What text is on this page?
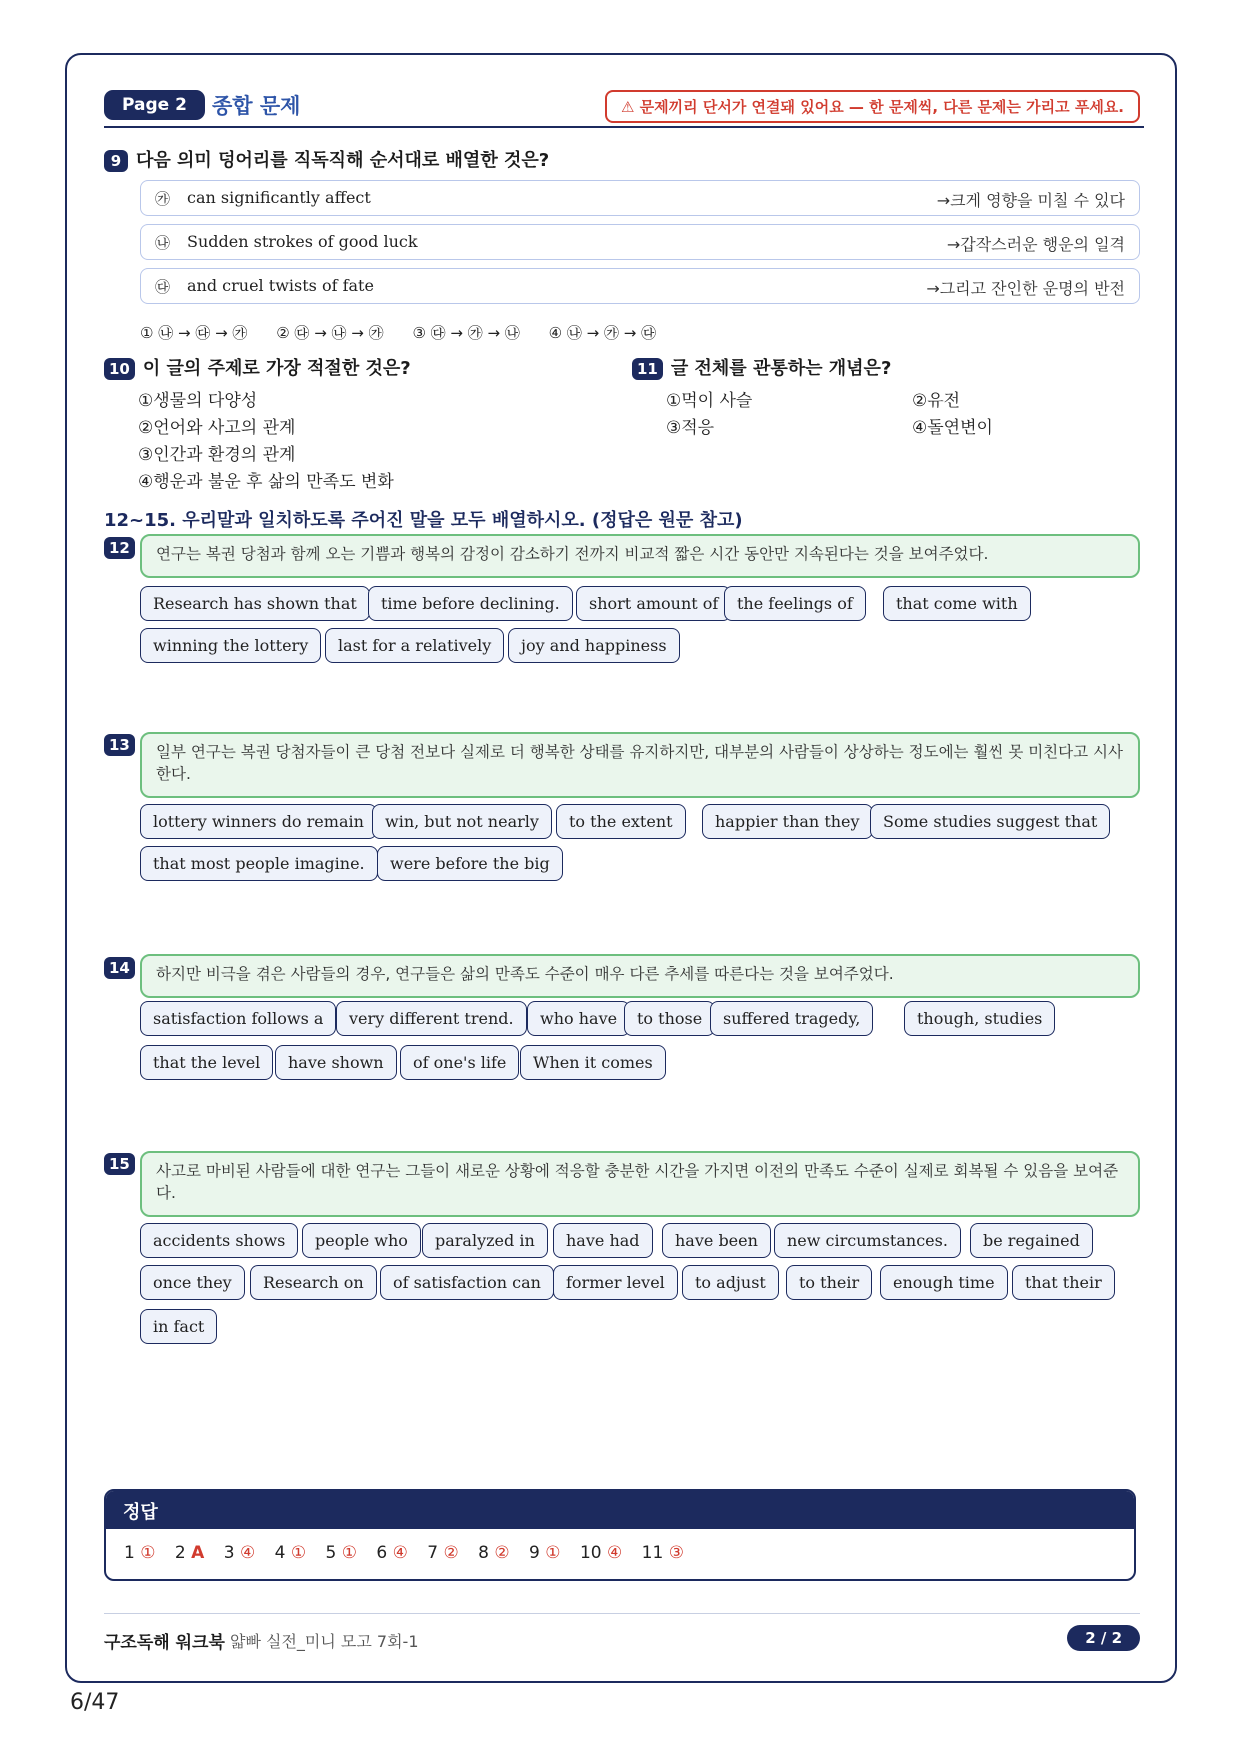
Page 2	종합 문제	⚠ 문제끼리 단서가 연결돼 있어요 — 한 문제씩, 다른 문제는 가리고 푸세요.
9 다음 의미 덩어리를 직독직해 순서대로 배열한 것은?
㉮ can significantly affect	→크게 영향을 미칠 수 있다
㉯ Sudden strokes of good luck	→갑작스러운 행운의 일격
㉰ and cruel twists of fate	→그리고 잔인한 운명의 반전
① ㉯ → ㉰ → ㉮ ② ㉰ → ㉯ → ㉮ ③ ㉰ → ㉮ → ㉯ ④ ㉯ → ㉮ → ㉰
10 이 글의 주제로 가장 적절한 것은?
①생물의 다양성
②언어와 사고의 관계
③인간과 환경의 관계
④행운과 불운 후 삶의 만족도 변화
11 글 전체를 관통하는 개념은?
①먹이 사슬	②유전
③적응	④돌연변이
12~15. 우리말과 일치하도록 주어진 말을 모두 배열하시오. (정답은 원문 참고)
12	연구는 복권 당첨과 함께 오는 기쁨과 행복의 감정이 감소하기 전까지 비교적 짧은 시간 동안만 지속된다는 것을 보여주었다.
Research has shown that	time before declining.	short amount of	the feelings of	that come with
winning the lottery	last for a relatively	joy and happiness
13	일부 연구는 복권 당첨자들이 큰 당첨 전보다 실제로 더 행복한 상태를 유지하지만, 대부분의 사람들이 상상하는 정도에는 훨씬 못 미친다고 시사한다.
lottery winners do remain	win, but not nearly	to the extent	happier than they	Some studies suggest that
that most people imagine.	were before the big
14	하지만 비극을 겪은 사람들의 경우, 연구들은 삶의 만족도 수준이 매우 다른 추세를 따른다는 것을 보여주었다.
satisfaction follows a	very different trend.	who have	to those	suffered tragedy,	though, studies
that the level	have shown	of one's life	When it comes
15	사고로 마비된 사람들에 대한 연구는 그들이 새로운 상황에 적응할 충분한 시간을 가지면 이전의 만족도 수준이 실제로 회복될 수 있음을 보여준다.
accidents shows	people who	paralyzed in	have had	have been	new circumstances.	be regained
once they	Research on	of satisfaction can	former level	to adjust	to their	enough time	that their
in fact
정답
1 ① 2 A 3 ④ 4 ① 5 ① 6 ④ 7 ② 8 ② 9 ① 10 ④ 11 ③
구조독해 워크북 얇빠 실전_미니 모고 7회-1	2 / 2
6/47
